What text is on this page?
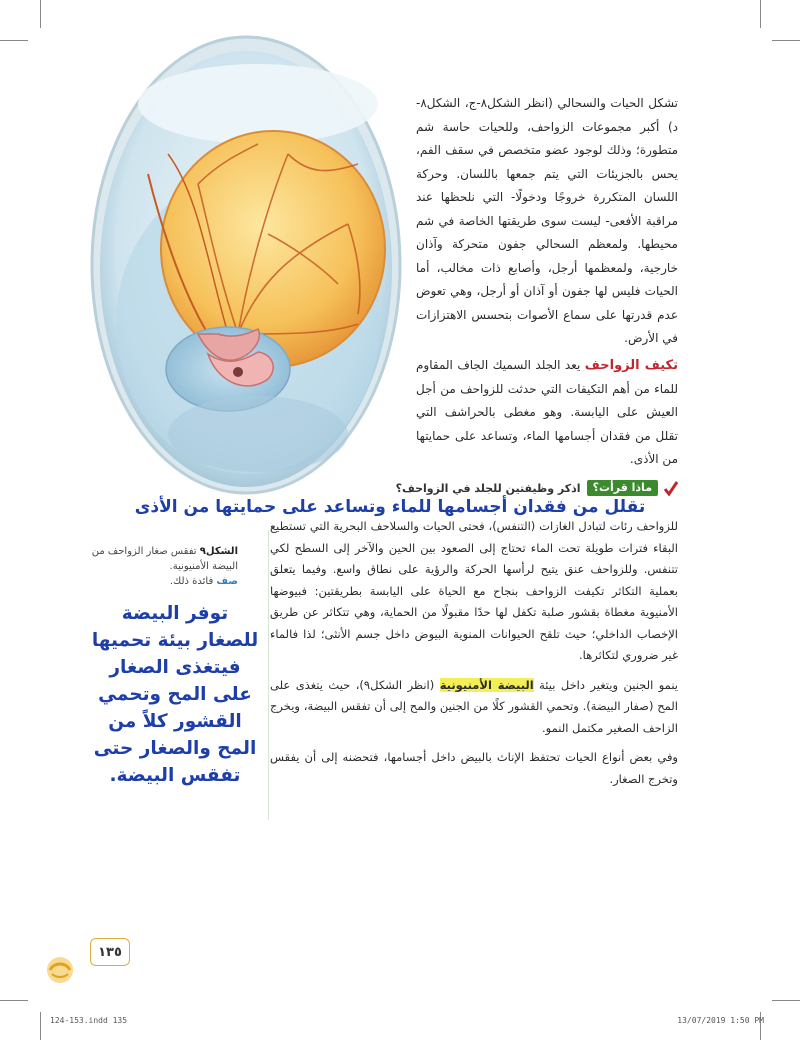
تشكل الحيات والسحالي (انظر الشكل٨-ج، الشكل٨-د) أكبر مجموعات الزواحف، وللحيات حاسة شم متطورة؛ وذلك لوجود عضو متخصص في سقف الفم، يحس بالجزيئات التي يتم جمعها باللسان. وحركة اللسان المتكررة خروجًا ودخولًا- التي نلحظها عند مراقبة الأفعى- ليست سوى طريقتها الخاصة في شم محيطها. ولمعظم السحالي جفون متحركة وآذان خارجية، ولمعظمها أرجل، وأصابع ذات مخالب، أما الحيات فليس لها جفون أو آذان أو أرجل، وهي تعوض عدم قدرتها على سماع الأصوات بتحسس الاهتزازات في الأرض.

تكيف الزواحف يعد الجلد السميك الجاف المقاوم للماء من أهم التكيفات التي حدثت للزواحف من أجل العيش على اليابسة. وهو مغطى بالحراشف التي تقلل من فقدان أجسامها الماء، وتساعد على حمايتها من الأذى.

ماذا قرأت؟
اذكر وظيفتين للجلد في الزواحف؟
تقلل من فقدان أجسامها للماء وتساعد على حمايتها من الأذى

للزواحف رئات لتبادل الغازات (التنفس)، فحتى الحيات والسلاحف البحرية التي تستطيع البقاء فترات طويلة تحت الماء تحتاج إلى الصعود بين الحين والآخر إلى السطح لكي تتنفس. وللزواحف عنق يتيح لرأسها الحركة والرؤية على نطاق واسع. وفيما يتعلق بعملية التكاثر تكيفت الزواحف بنجاح مع الحياة على اليابسة بطريقتين: فبيوضها الأمنيوية مغطاة بقشور صلبة تكفل لها حدًا مقبولًا من الحماية، وهي تتكاثر عن طريق الإخصاب الداخلي؛ حيث تلقح الحيوانات المنوية البيوض داخل جسم الأنثى؛ لذا فالماء غير ضروري لتكاثرها.

ينمو الجنين ويتغير داخل بيئة البيضة الأمنيونية (انظر الشكل٩)، حيث يتغذى على المح (صفار البيضة). وتحمي القشور كلًا من الجنين والمح إلى أن تفقس البيضة، ويخرج الزاحف الصغير مكتمل النمو.

وفي بعض أنواع الحيات تحتفظ الإناث بالبيض داخل أجسامها، فتحضنه إلى أن يفقس وتخرج الصغار.

الشكل٩ تفقس صغار الزواحف من البيضة الأمنيونية.
صف فائدة ذلك.
توفر البيضة للصغار بيئة تحميها فيتغذى الصغار على المح وتحمي القشور كلاً من المح والصغار حتى تفقس البيضة.
١٣٥
124-153.indd 135	13/07/2019 1:50 PM
